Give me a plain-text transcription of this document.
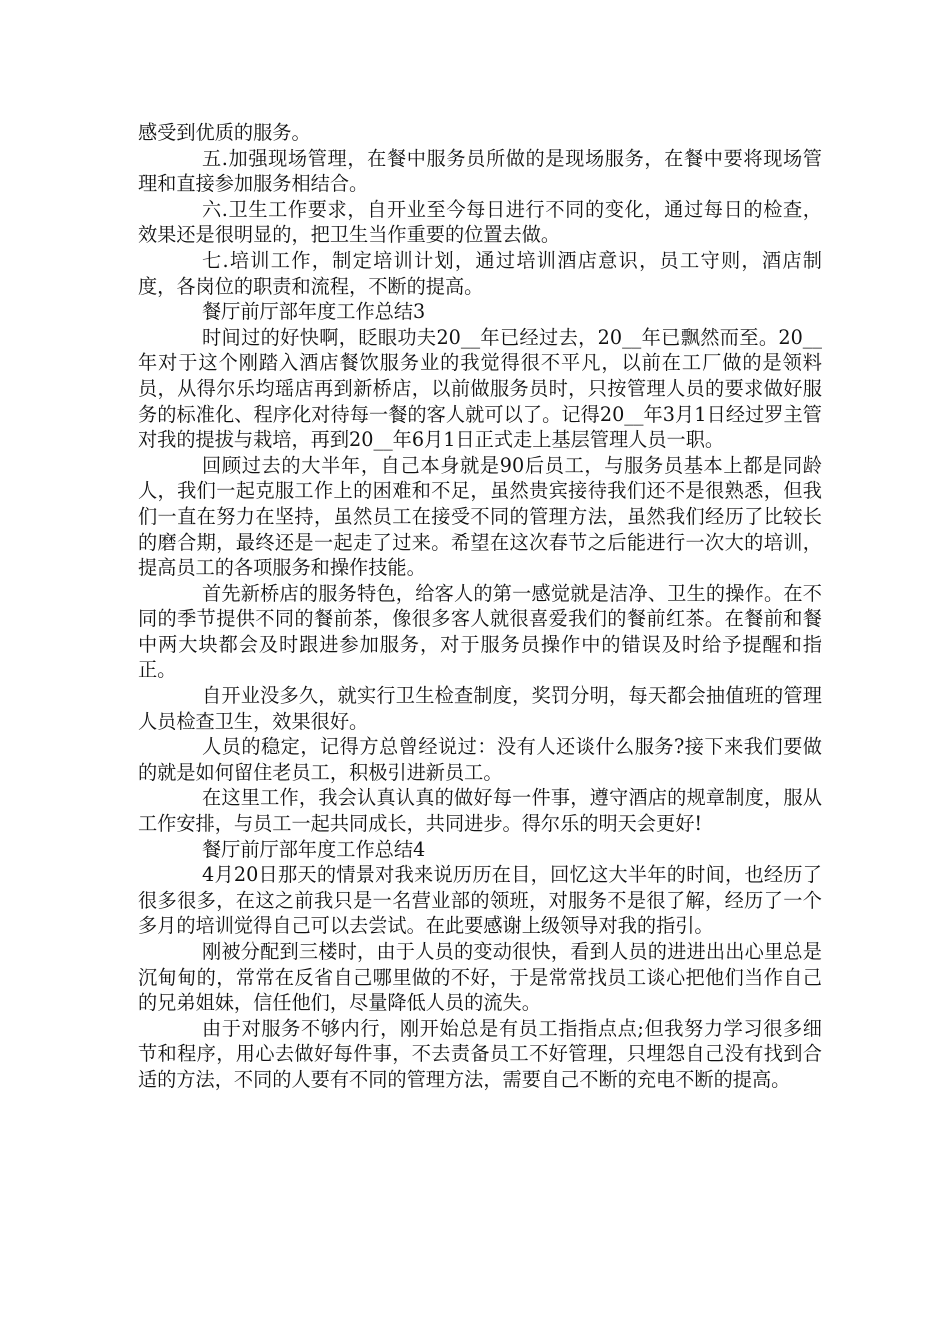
感受到优质的服务。

五.加强现场管理，在餐中服务员所做的是现场服务，在餐中要将现场管理和直接参加服务相结合。

六.卫生工作要求，自开业至今每日进行不同的变化，通过每日的检查，效果还是很明显的，把卫生当作重要的位置去做。

七.培训工作，制定培训计划，通过培训酒店意识，员工守则，酒店制度，各岗位的职责和流程，不断的提高。

餐厅前厅部年度工作总结3

时间过的好快啊，眨眼功夫20__年已经过去，20__年已飘然而至。20__年对于这个刚踏入酒店餐饮服务业的我觉得很不平凡，以前在工厂做的是领料员，从得尔乐均瑶店再到新桥店，以前做服务员时，只按管理人员的要求做好服务的标准化、程序化对待每一餐的客人就可以了。记得20__年3月1日经过罗主管对我的提拔与栽培，再到20__年6月1日正式走上基层管理人员一职。

回顾过去的大半年，自己本身就是90后员工，与服务员基本上都是同龄人，我们一起克服工作上的困难和不足，虽然贵宾接待我们还不是很熟悉，但我们一直在努力在坚持，虽然员工在接受不同的管理方法，虽然我们经历了比较长的磨合期，最终还是一起走了过来。希望在这次春节之后能进行一次大的培训，提高员工的各项服务和操作技能。

首先新桥店的服务特色，给客人的第一感觉就是洁净、卫生的操作。在不同的季节提供不同的餐前茶，像很多客人就很喜爱我们的餐前红茶。在餐前和餐中两大块都会及时跟进参加服务，对于服务员操作中的错误及时给予提醒和指正。

自开业没多久，就实行卫生检查制度，奖罚分明，每天都会抽值班的管理人员检查卫生，效果很好。

人员的稳定，记得方总曾经说过：没有人还谈什么服务?接下来我们要做的就是如何留住老员工，积极引进新员工。

在这里工作，我会认真认真的做好每一件事，遵守酒店的规章制度，服从工作安排，与员工一起共同成长，共同进步。得尔乐的明天会更好!

餐厅前厅部年度工作总结4

4月20日那天的情景对我来说历历在目，回忆这大半年的时间，也经历了很多很多，在这之前我只是一名营业部的领班，对服务不是很了解，经历了一个多月的培训觉得自己可以去尝试。在此要感谢上级领导对我的指引。

刚被分配到三楼时，由于人员的变动很快，看到人员的进进出出心里总是沉甸甸的，常常在反省自己哪里做的不好，于是常常找员工谈心把他们当作自己的兄弟姐妹，信任他们，尽量降低人员的流失。

由于对服务不够内行，刚开始总是有员工指指点点;但我努力学习很多细节和程序，用心去做好每件事，不去责备员工不好管理，只埋怨自己没有找到合适的方法，不同的人要有不同的管理方法，需要自己不断的充电不断的提高。
